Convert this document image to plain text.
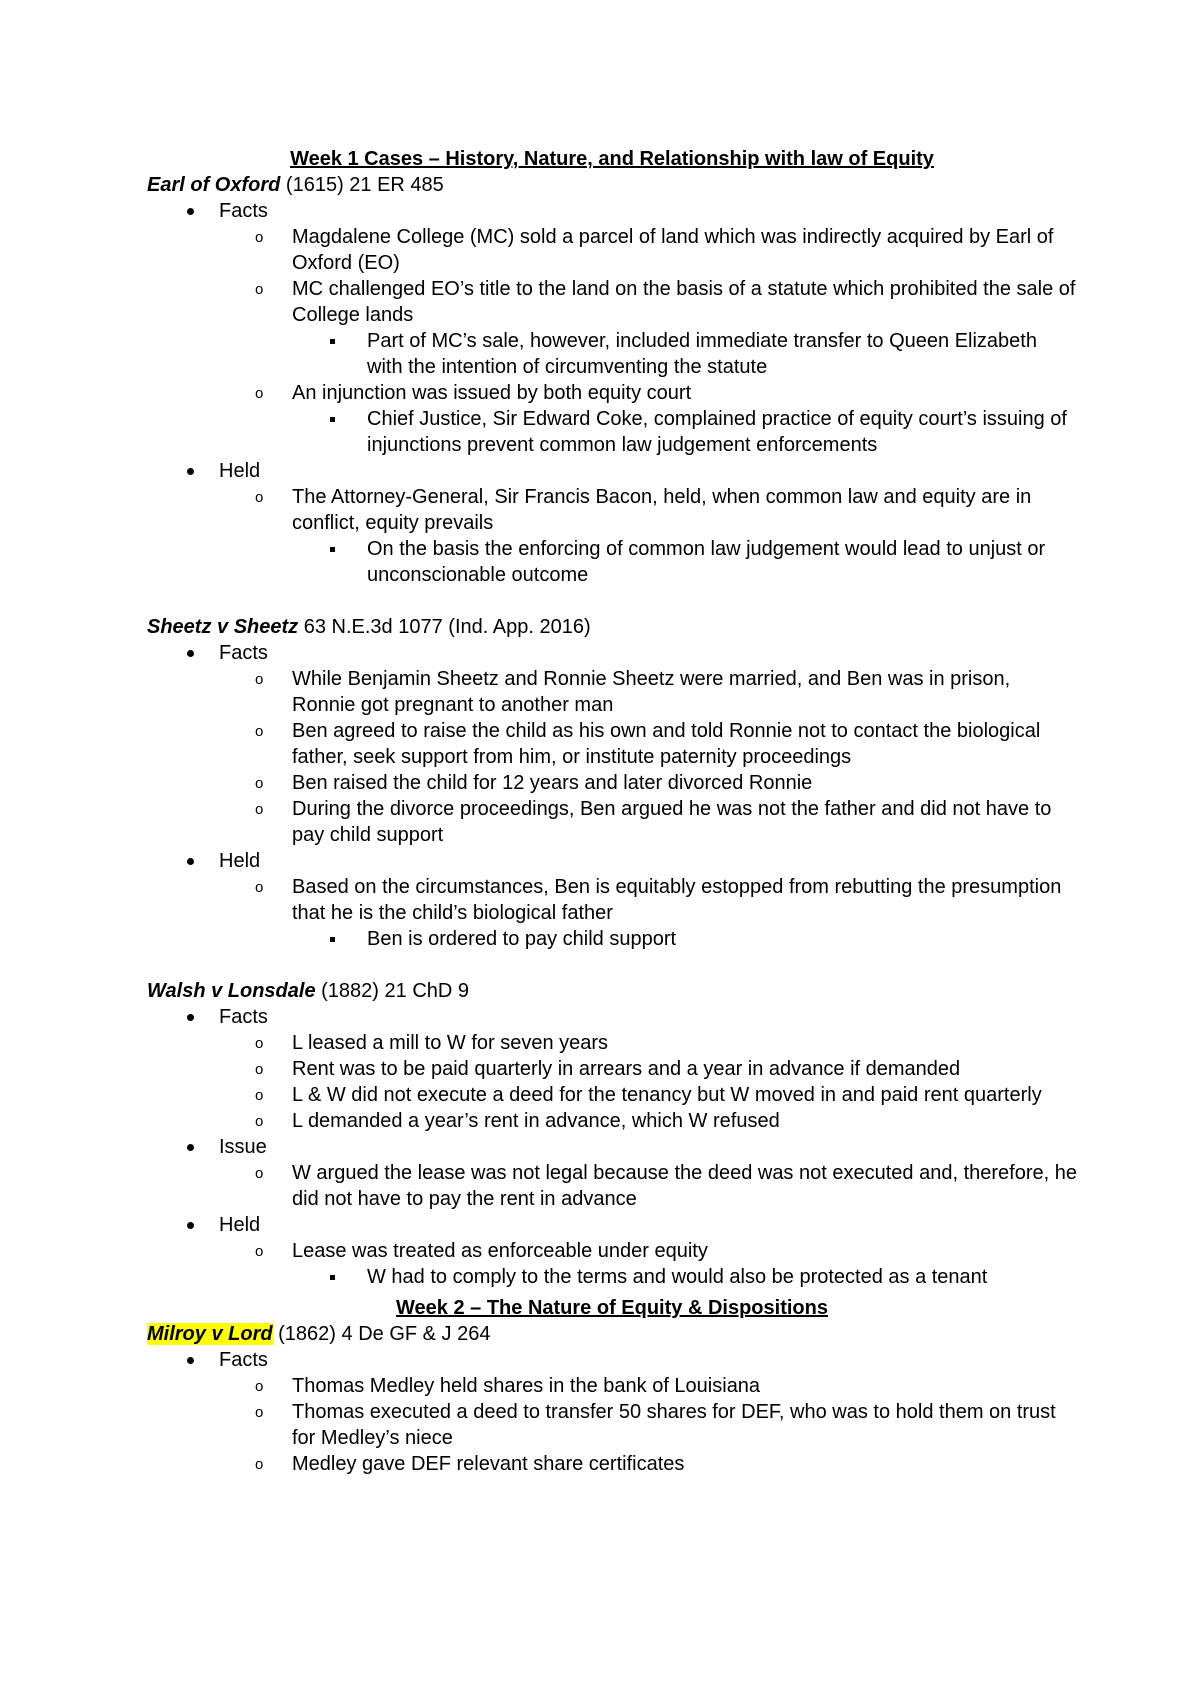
Week 1 Cases – History, Nature, and Relationship with law of Equity

Earl of Oxford (1615) 21 ER 485

Facts
o Magdalene College (MC) sold a parcel of land which was indirectly acquired by Earl of Oxford (EO)
o MC challenged EO’s title to the land on the basis of a statute which prohibited the sale of College lands
Part of MC’s sale, however, included immediate transfer to Queen Elizabeth with the intention of circumventing the statute
o An injunction was issued by both equity court
Chief Justice, Sir Edward Coke, complained practice of equity court’s issuing of injunctions prevent common law judgement enforcements
Held
o The Attorney-General, Sir Francis Bacon, held, when common law and equity are in conflict, equity prevails
On the basis the enforcing of common law judgement would lead to unjust or unconscionable outcome

Sheetz v Sheetz 63 N.E.3d 1077 (Ind. App. 2016)

Facts
o While Benjamin Sheetz and Ronnie Sheetz were married, and Ben was in prison, Ronnie got pregnant to another man
o Ben agreed to raise the child as his own and told Ronnie not to contact the biological father, seek support from him, or institute paternity proceedings
o Ben raised the child for 12 years and later divorced Ronnie
o During the divorce proceedings, Ben argued he was not the father and did not have to pay child support
Held
o Based on the circumstances, Ben is equitably estopped from rebutting the presumption that he is the child’s biological father
Ben is ordered to pay child support

Walsh v Lonsdale (1882) 21 ChD 9

Facts
o L leased a mill to W for seven years
o Rent was to be paid quarterly in arrears and a year in advance if demanded
o L & W did not execute a deed for the tenancy but W moved in and paid rent quarterly
o L demanded a year’s rent in advance, which W refused
Issue
o W argued the lease was not legal because the deed was not executed and, therefore, he did not have to pay the rent in advance
Held
o Lease was treated as enforceable under equity
W had to comply to the terms and would also be protected as a tenant

Week 2 – The Nature of Equity & Dispositions

Milroy v Lord (1862) 4 De GF & J 264

Facts
o Thomas Medley held shares in the bank of Louisiana
o Thomas executed a deed to transfer 50 shares for DEF, who was to hold them on trust for Medley’s niece
o Medley gave DEF relevant share certificates
